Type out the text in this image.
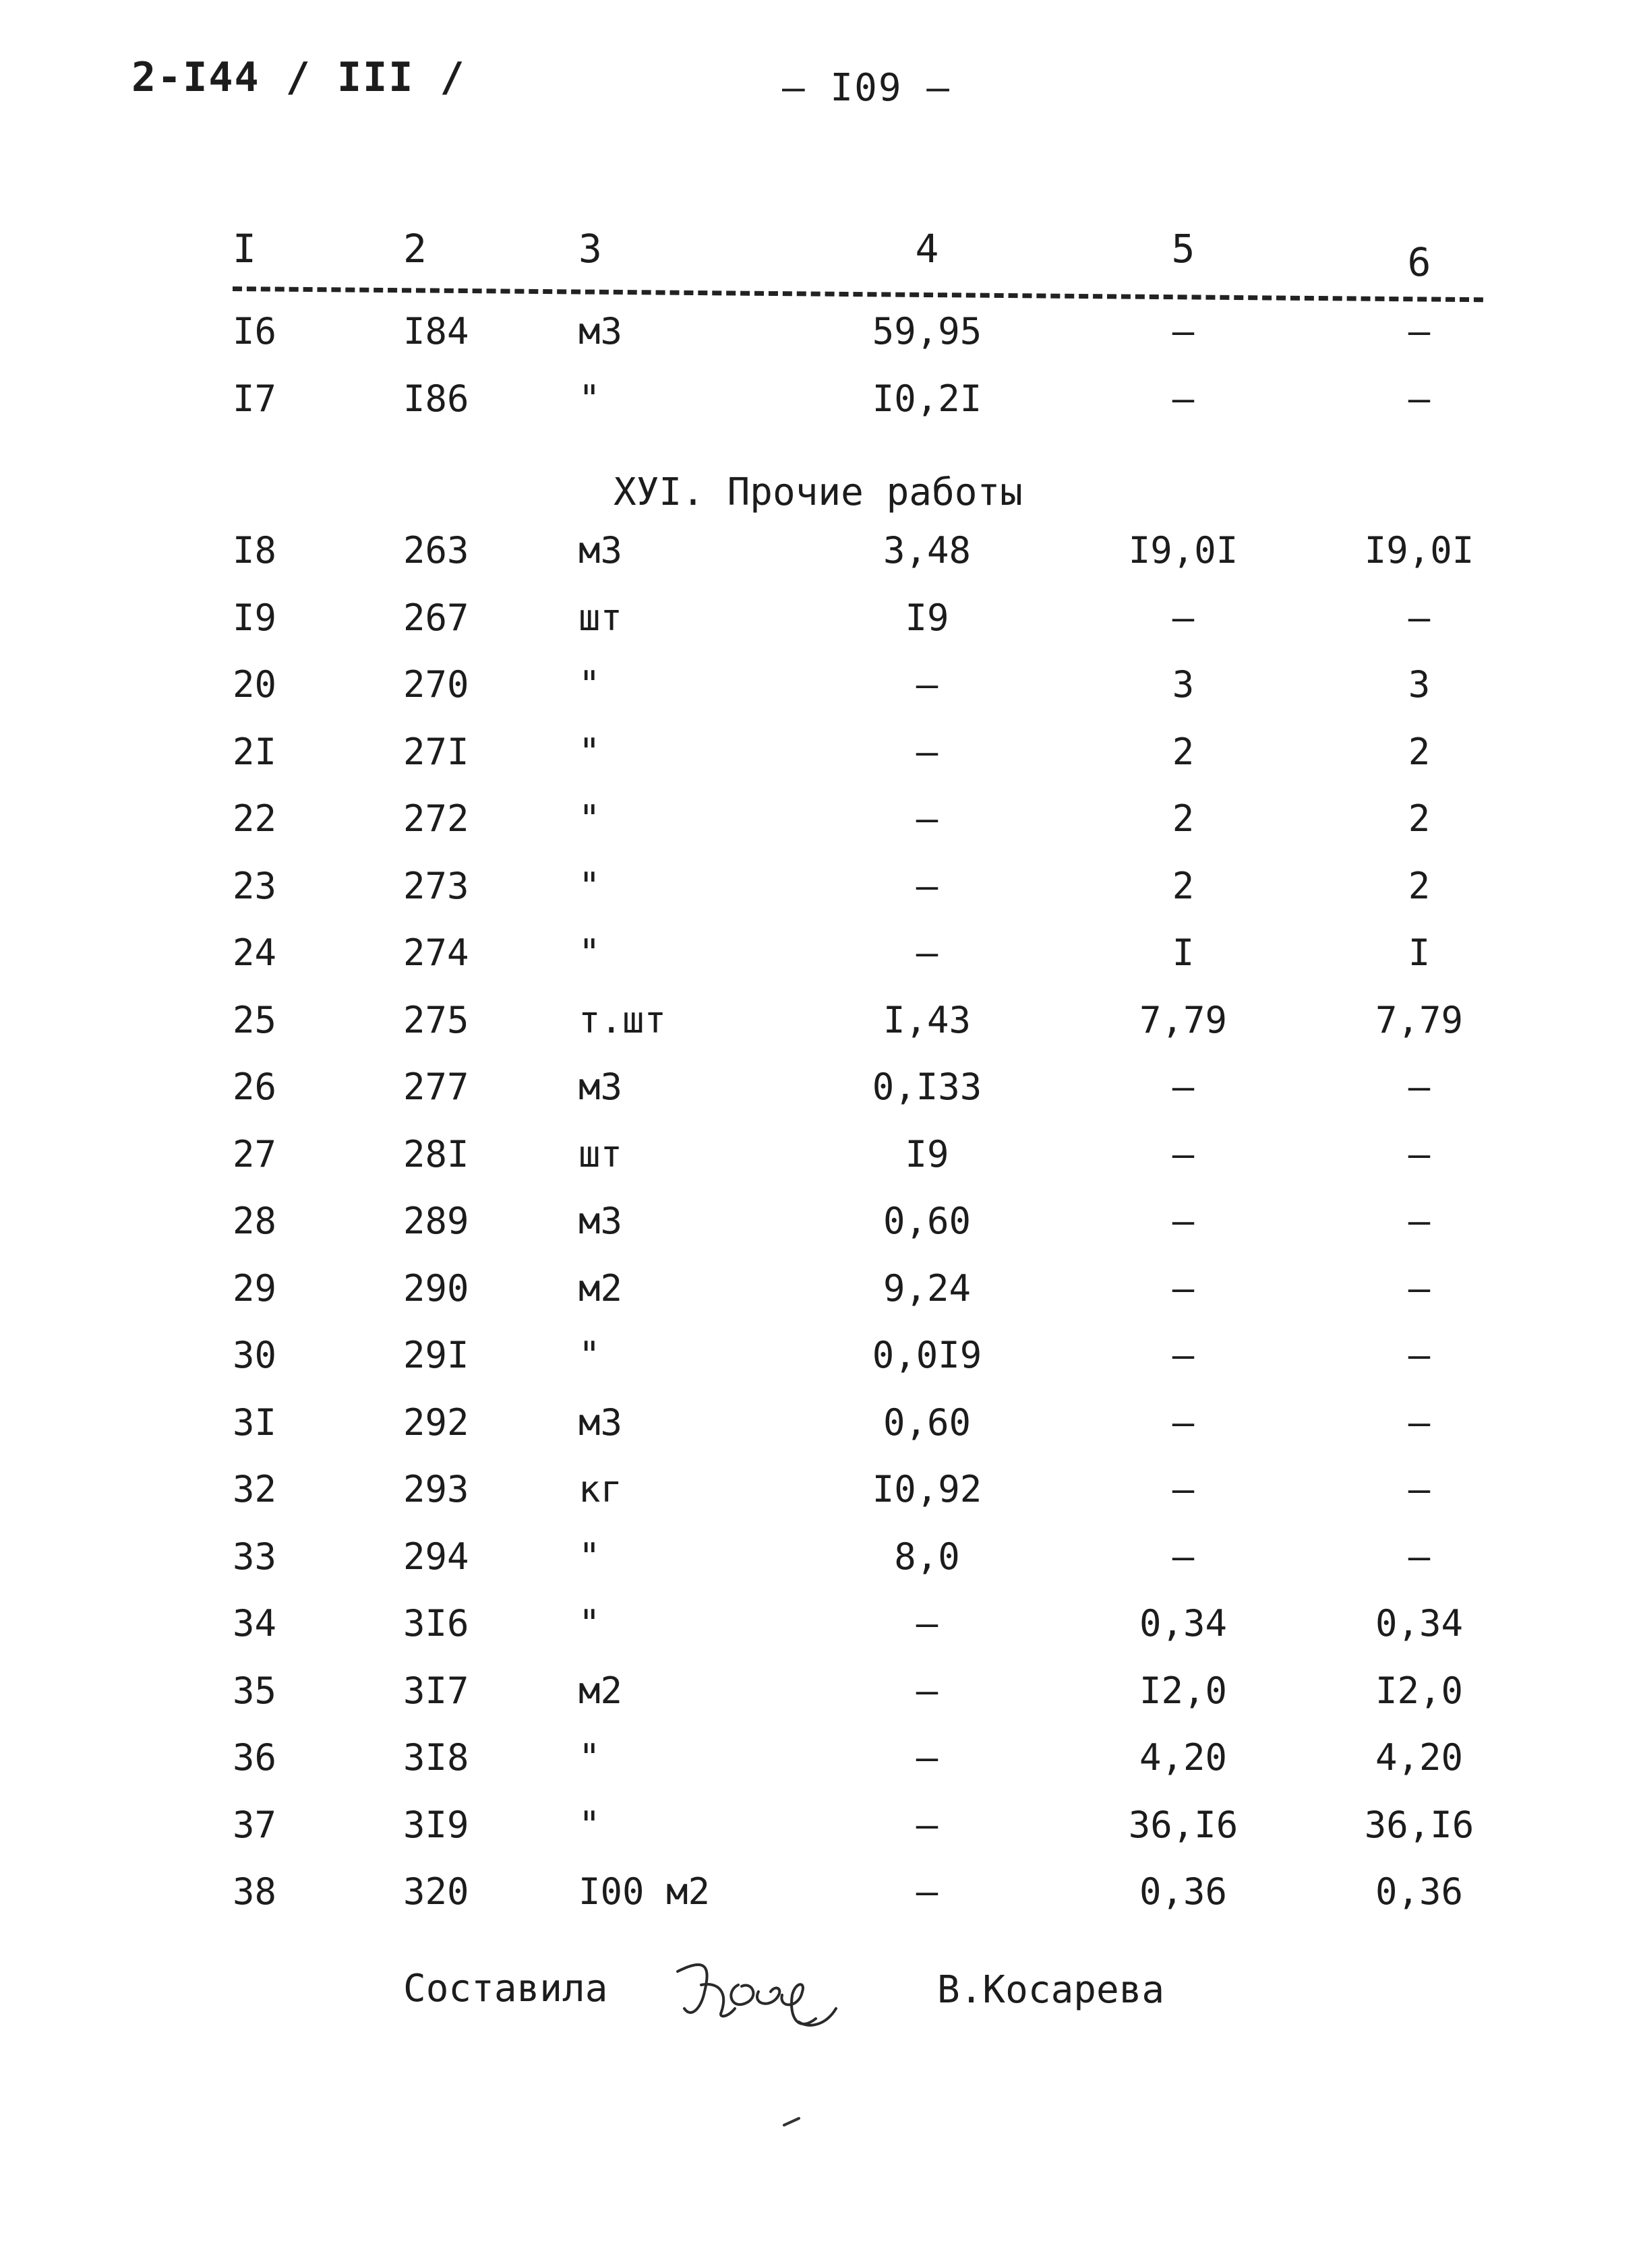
2-I44 / III /	– I09 –
I	2	3	4	5	6
XУI. Прочие работы
I6	I84	м3	59,95	–	–
I7	I86	"	I0,2I	–	–
I8	263	м3	3,48	I9,0I	I9,0I
I9	267	шт	I9	–	–
20	270	"	–	3	3
2I	27I	"	–	2	2
22	272	"	–	2	2
23	273	"	–	2	2
24	274	"	–	I	I
25	275	т.шт	I,43	7,79	7,79
26	277	м3	0,I33	–	–
27	28I	шт	I9	–	–
28	289	м3	0,60	–	–
29	290	м2	9,24	–	–
30	29I	"	0,0I9	–	–
3I	292	м3	0,60	–	–
32	293	кг	I0,92	–	–
33	294	"	8,0	–	–
34	3I6	"	–	0,34	0,34
35	3I7	м2	–	I2,0	I2,0
36	3I8	"	–	4,20	4,20
37	3I9	"	–	36,I6	36,I6
38	320	I00 м2	–	0,36	0,36
Составила	В.Косарева
